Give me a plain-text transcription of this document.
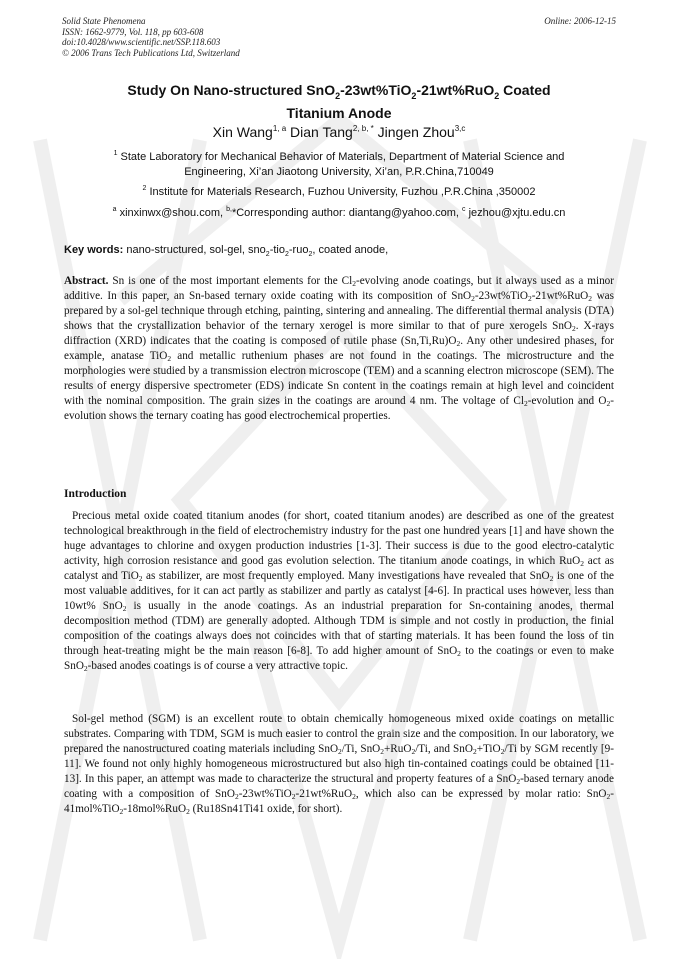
Solid State Phenomena
ISSN: 1662-9779, Vol. 118, pp 603-608
doi:10.4028/www.scientific.net/SSP.118.603
© 2006 Trans Tech Publications Ltd, Switzerland
Online: 2006-12-15
Study On Nano-structured SnO$_2$-23wt%TiO$_2$-21wt%RuO$_2$ Coated
Titanium Anode
Xin Wang$^{1, a}$ Dian Tang$^{2, b, *}$ Jingen Zhou$^{3,c}$
$^1$ State Laboratory for Mechanical Behavior of Materials, Department of Material Science and
Engineering, Xi’an Jiaotong University, Xi’an, P.R.China,710049
$^2$ Institute for Materials Research, Fuzhou University, Fuzhou ,P.R.China ,350002
$^a$ xinxinwx@shou.com, $^{b,}$*Corresponding author: diantang@yahoo.com, $^c$ jezhou@xjtu.edu.cn
Key words: nano-structured, sol-gel, sno$_2$-tio$_2$-ruo$_2$, coated anode,
Abstract. Sn is one of the most important elements for the $Cl_2$-evolving anode coatings, but it always used as a minor additive. In this paper, an Sn-based ternary oxide coating with its composition of SnO$_2$-23wt%TiO$_2$-21wt%RuO$_2$ was prepared by a sol-gel technique through etching, painting, sintering and annealing. The differential thermal analysis (DTA) shows that the crystallization behavior of the ternary xerogel is more similar to that of pure xerogels SnO$_2$. X-rays diffraction (XRD) indicates that the coating is composed of rutile phase $(Sn,Ti,Ru)O_2$. Any other undesired phases, for example, anatase TiO$_2$ and metallic ruthenium phases are not found in the coatings. The microstructure and the morphologies were studied by a transmission electron microscope (TEM) and a scanning electron microscope (SEM). The results of energy dispersive spectrometer (EDS) indicate Sn content in the coatings remain at high level and coincident with the nominal composition. The grain sizes in the coatings are around 4 nm. The voltage of $Cl_2$-evolution and $O_2$-evolution shows the ternary coating has good electrochemical properties.
Introduction
Precious metal oxide coated titanium anodes (for short, coated titanium anodes) are described as one of the greatest technological breakthrough in the field of electrochemistry industry for the past one hundred years [1] and have shown the huge advantages to chlorine and oxygen production industries [1-3]. Their success is due to the good electro-catalytic activity, high corrosion resistance and good gas evolution selection. The titanium anode coatings, in which RuO$_2$ act as catalyst and TiO$_2$ as stabilizer, are most frequently employed. Many investigations have revealed that SnO$_2$ is one of the most valuable additives, for it can act partly as stabilizer and partly as catalyst [4-6]. In practical uses however, less than 10wt% SnO$_2$ is usually in the anode coatings. As an industrial preparation for Sn-containing anodes, thermal decomposition method (TDM) are generally adopted. Although TDM is simple and not costly in production, the finial composition of the coatings always does not coincides with that of starting materials. It has been found the loss of tin through heat-treating might be the main reason [6-8]. To add higher amount of SnO$_2$ to the coatings or even to make SnO$_2$-based anodes coatings is of course a very attractive topic.
Sol-gel method (SGM) is an excellent route to obtain chemically homogeneous mixed oxide coatings on metallic substrates. Comparing with TDM, SGM is much easier to control the grain size and the composition. In our laboratory, we prepared the nanostructured coating materials including SnO$_2$/Ti, SnO$_2$+RuO$_2$/Ti, and SnO$_2$+TiO$_2$/Ti by SGM recently [9-11]. We found not only highly homogeneous microstructured but also high tin-contained coatings could be obtained [11-13]. In this paper, an attempt was made to characterize the structural and property features of a SnO$_2$-based ternary anode coating with a composition of SnO$_2$-23wt%TiO$_2$-21wt%RuO$_2$, which also can be expressed by molar ratio: SnO$_2$-41mol%TiO$_2$-18mol%RuO$_2$ (Ru18Sn41Ti41 oxide, for short).
